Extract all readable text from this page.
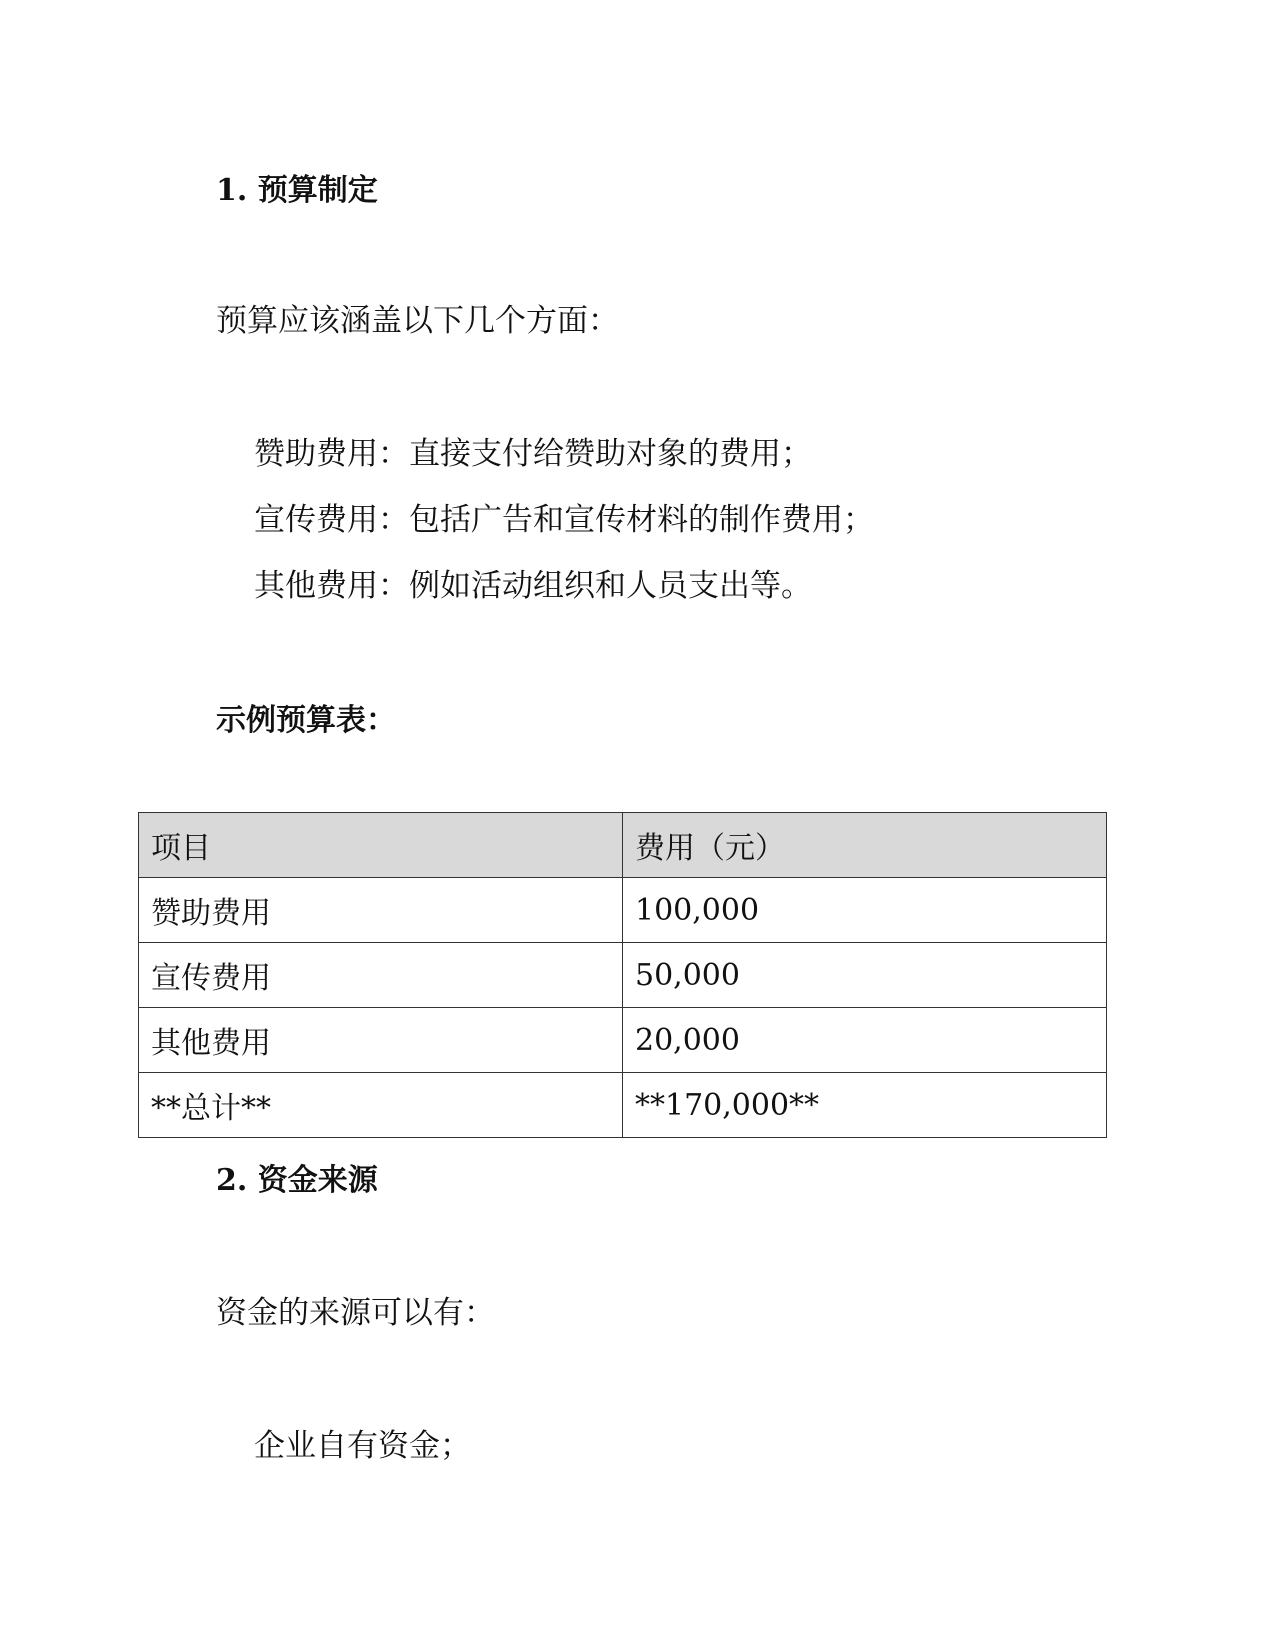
1. 预算制定
预算应该涵盖以下几个方面：
赞助费用：直接支付给赞助对象的费用；
宣传费用：包括广告和宣传材料的制作费用；
其他费用：例如活动组织和人员支出等。
示例预算表：
项目	费用（元）
赞助费用	100,000
宣传费用	50,000
其他费用	20,000
**总计**	**170,000**
2. 资金来源
资金的来源可以有：
企业自有资金；
